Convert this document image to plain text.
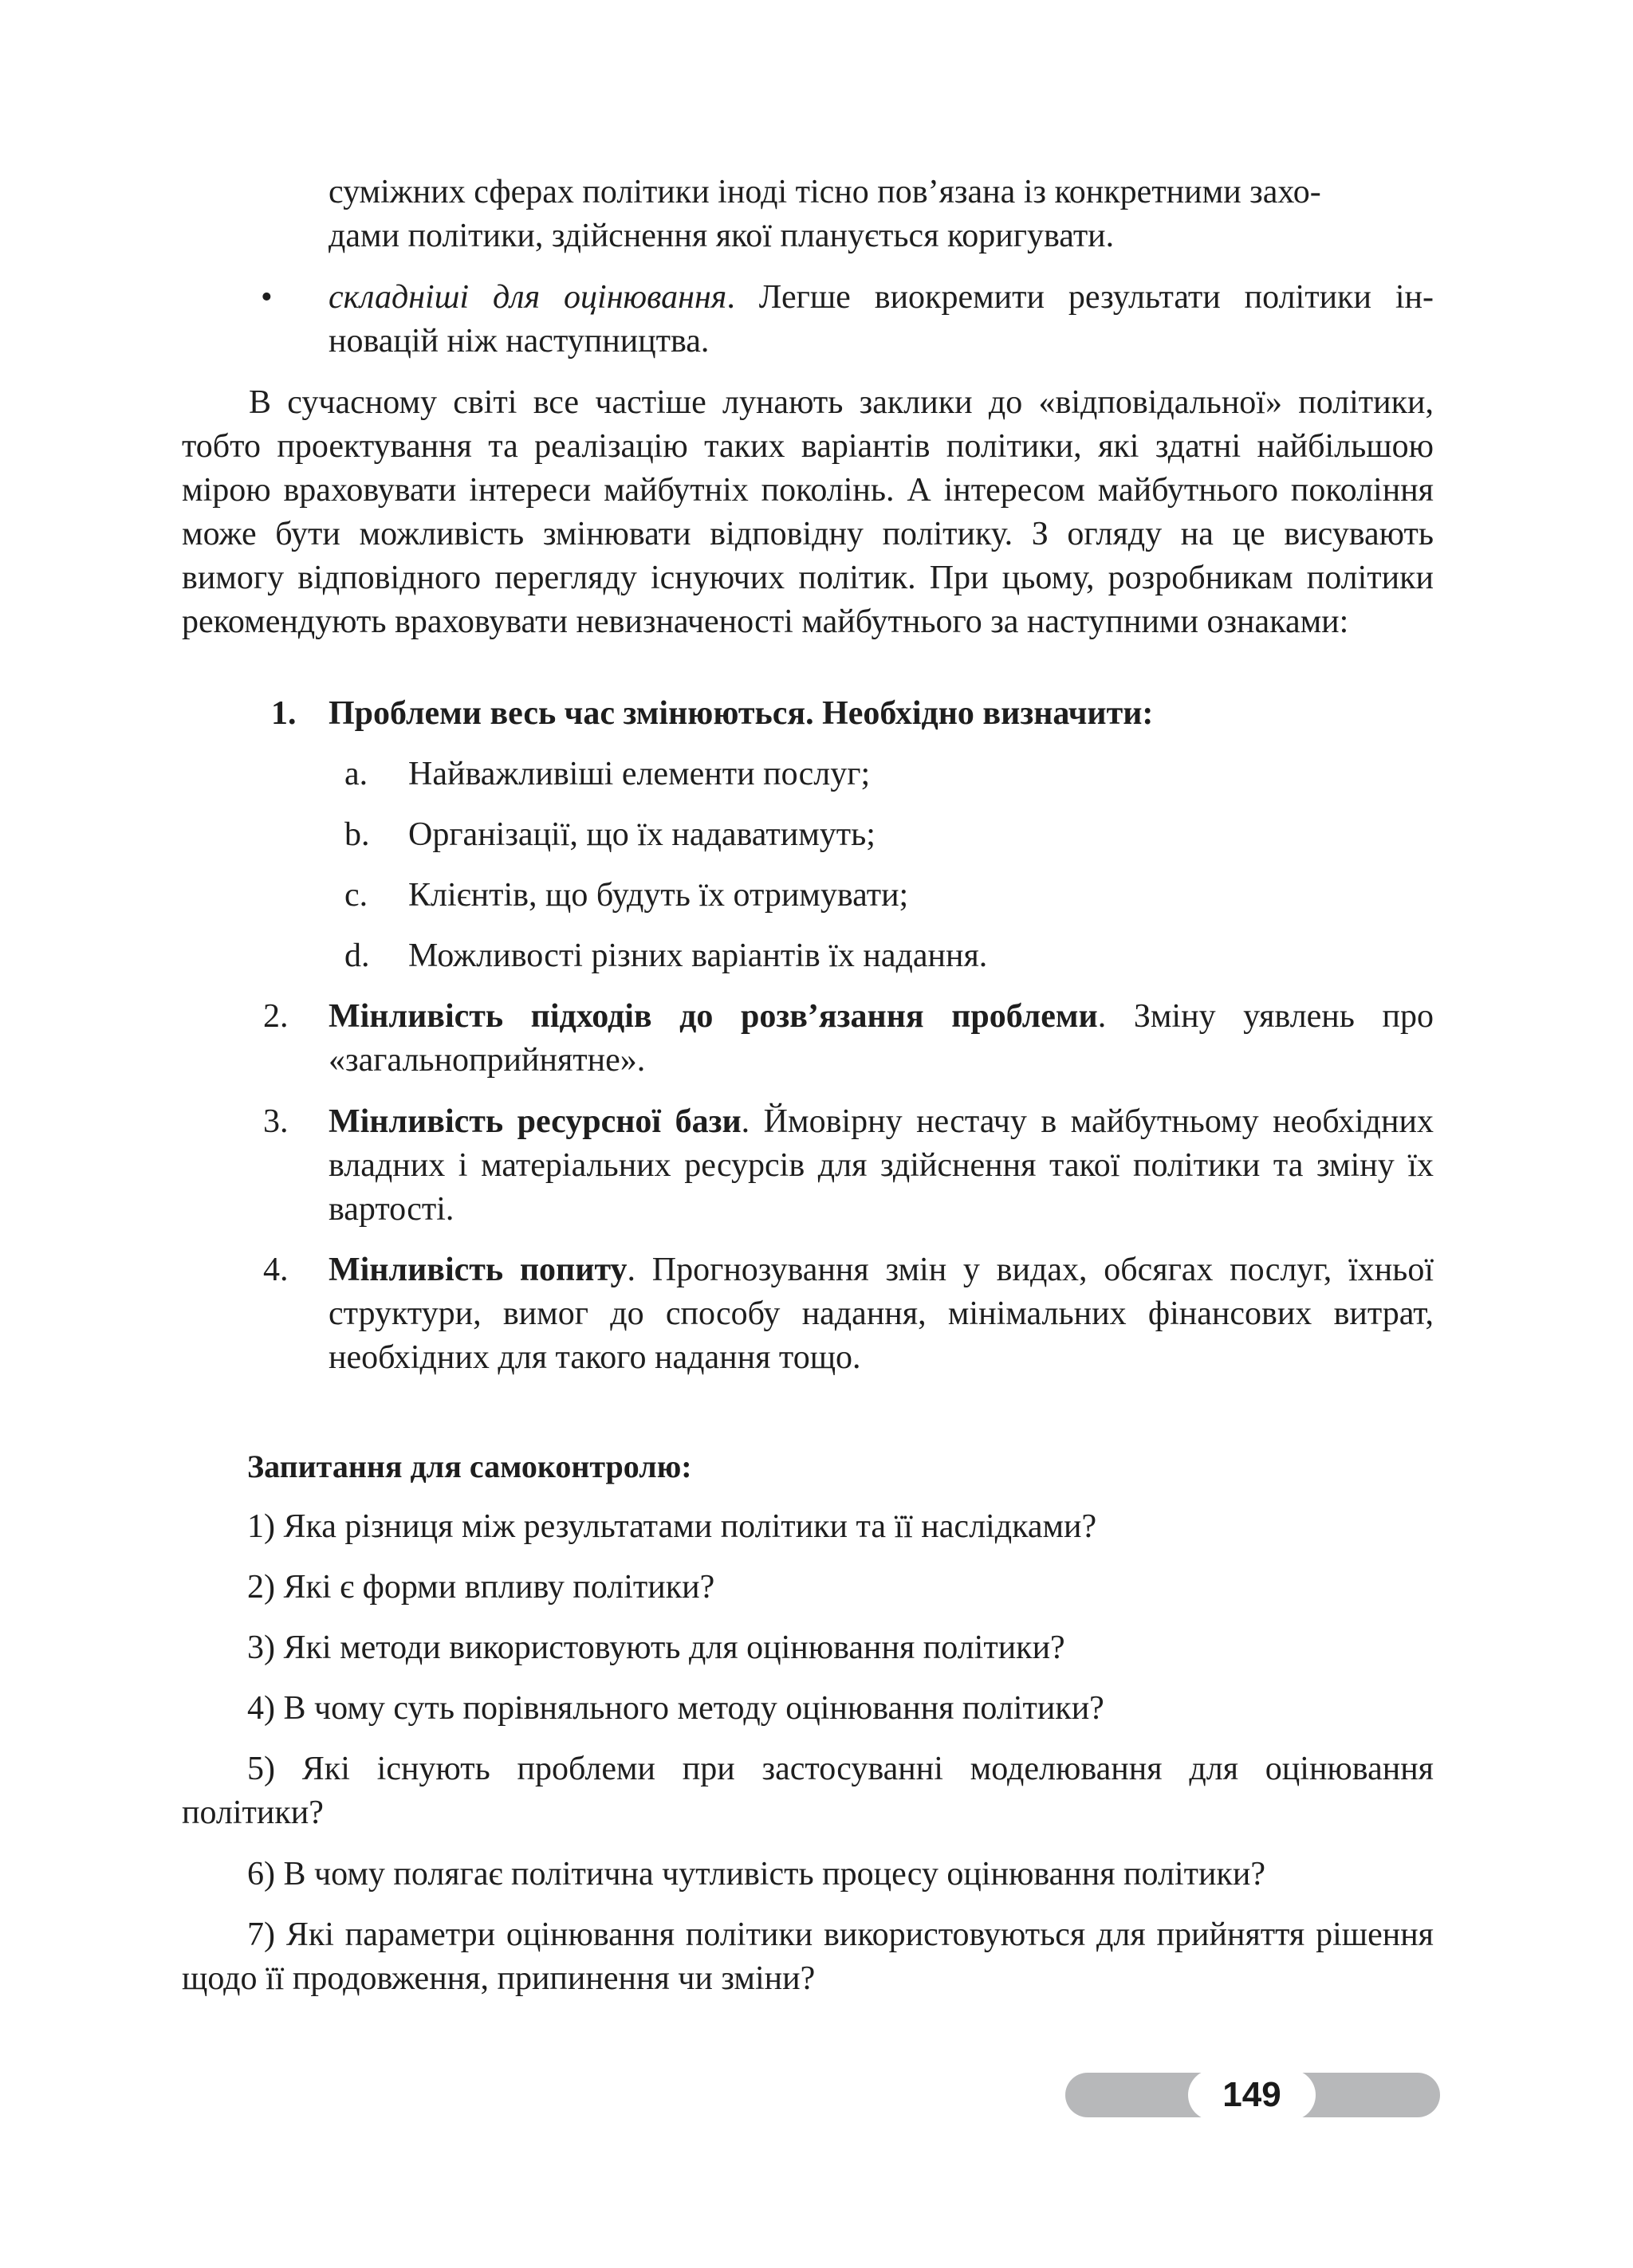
суміжних сферах політики іноді тісно пов’язана із конкретними захо-
дами політики, здійснення якої планується коригувати.
•	складніші для оцінювання. Легше виокремити результати політики ін-новацій ніж наступництва.
В сучасному світі все частіше лунають заклики до «відповідальної» політики, тобто проектування та реалізацію таких варіантів політики, які здатні найбільшою мірою враховувати інтереси майбутніх поколінь. А інтересом майбутнього покоління може бути можливість змінювати відповідну політику. З огляду на це висувають вимогу відповідного перегляду існуючих політик. При цьому, розробникам політики рекомендують враховувати невизначеності майбутнього за наступними ознаками:
1. Проблеми весь час змінюються. Необхідно визначити:
a. Найважливіші елементи послуг;
b. Організації, що їх надаватимуть;
c. Клієнтів, що будуть їх отримувати;
d. Можливості різних варіантів їх надання.
2.	Мінливість підходів до розв’язання проблеми. Зміну уявлень про «загальноприйнятне».
3.	Мінливість ресурсної бази. Ймовірну нестачу в майбутньому необхідних владних і матеріальних ресурсів для здійснення такої політики та зміну їх вартості.
4.	Мінливість попиту. Прогнозування змін у видах, обсягах послуг, їхньої структури, вимог до способу надання, мінімальних фінансових витрат, необхідних для такого надання тощо.
Запитання для самоконтролю:
1) Яка різниця між результатами політики та її наслідками?
2) Які є форми впливу політики?
3) Які методи використовують для оцінювання політики?
4) В чому суть порівняльного методу оцінювання політики?
5) Які існують проблеми при застосуванні моделювання для оцінювання політики?
6) В чому полягає політична чутливість процесу оцінювання політики?
7) Які параметри оцінювання політики використовуються для прийняття рішення щодо її продовження, припинення чи зміни?
149
